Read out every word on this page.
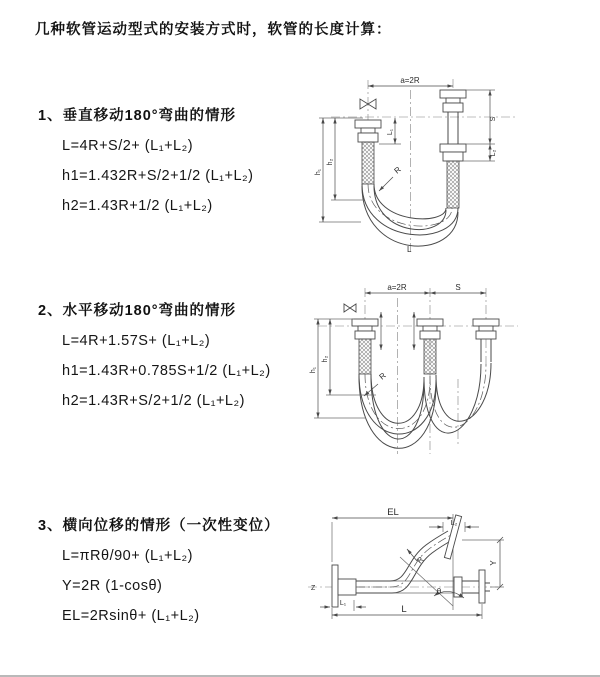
几种软管运动型式的安装方式时，软管的长度计算：
1、垂直移动180°弯曲的情形
L=4R+S/2+ (L₁+L₂)
h1=1.432R+S/2+1/2 (L₁+L₂)
h2=1.43R+1/2 (L₁+L₂)
2、水平移动180°弯曲的情形
L=4R+1.57S+ (L₁+L₂)
h1=1.43R+0.785S+1/2 (L₁+L₂)
h2=1.43R+S/2+1/2 (L₁+L₂)
3、横向位移的情形（一次性变位）
L=πRθ/90+ (L₁+L₂)
Y=2R (1-cosθ)
EL=2Rsinθ+ (L₁+L₂)
a=2R
h₁
h₂
L₁
S
L₂
R
L
a=2R	S
h₁
h₂
R
Z
EL
L₂
Y
R
θ
L₁
L
